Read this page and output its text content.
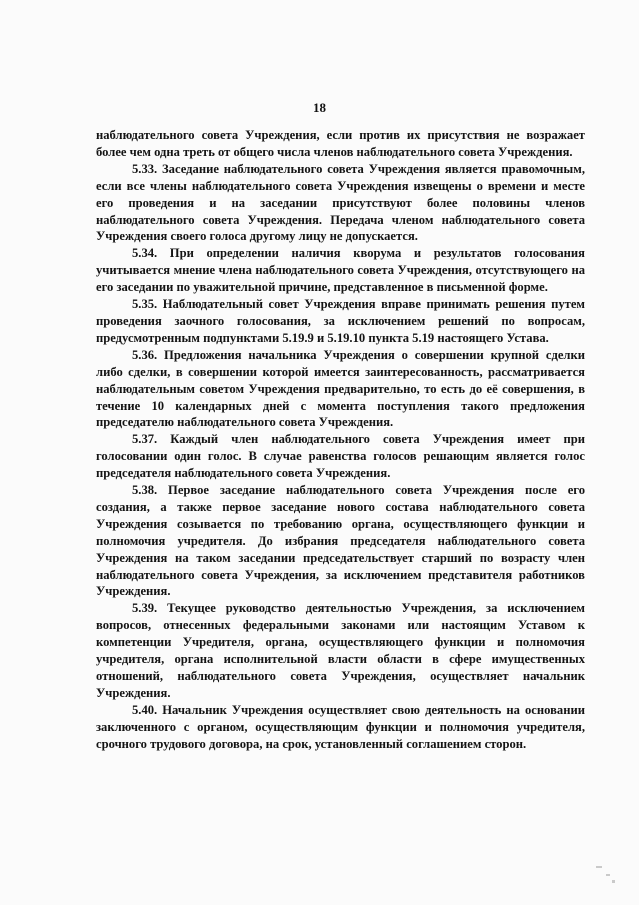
18

наблюдательного совета Учреждения, если против их присутствия не возражает более чем одна треть от общего числа членов наблюдательного совета Учреждения.

5.33. Заседание наблюдательного совета Учреждения является правомочным, если все члены наблюдательного совета Учреждения извещены о времени и месте его проведения и на заседании присутствуют более половины членов наблюдательного совета Учреждения. Передача членом наблюдательного совета Учреждения своего голоса другому лицу не допускается.

5.34. При определении наличия кворума и результатов голосования учитывается мнение члена наблюдательного совета Учреждения, отсутствующего на его заседании по уважительной причине, представленное в письменной форме.

5.35. Наблюдательный совет Учреждения вправе принимать решения путем проведения заочного голосования, за исключением решений по вопросам, предусмотренным подпунктами 5.19.9 и 5.19.10 пункта 5.19 настоящего Устава.

5.36. Предложения начальника Учреждения о совершении крупной сделки либо сделки, в совершении которой имеется заинтересованность, рассматривается наблюдательным советом Учреждения предварительно, то есть до её совершения, в течение 10 календарных дней с момента поступления такого предложения председателю наблюдательного совета Учреждения.

5.37. Каждый член наблюдательного совета Учреждения имеет при голосовании один голос. В случае равенства голосов решающим является голос председателя наблюдательного совета Учреждения.

5.38. Первое заседание наблюдательного совета Учреждения после его создания, а также первое заседание нового состава наблюдательного совета Учреждения созывается по требованию органа, осуществляющего функции и полномочия учредителя. До избрания председателя наблюдательного совета Учреждения на таком заседании председательствует старший по возрасту член наблюдательного совета Учреждения, за исключением представителя работников Учреждения.

5.39. Текущее руководство деятельностью Учреждения, за исключением вопросов, отнесенных федеральными законами или настоящим Уставом к компетенции Учредителя, органа, осуществляющего функции и полномочия учредителя, органа исполнительной власти области в сфере имущественных отношений, наблюдательного совета Учреждения, осуществляет начальник Учреждения.

5.40. Начальник Учреждения осуществляет свою деятельность на основании заключенного с органом, осуществляющим функции и полномочия учредителя, срочного трудового договора, на срок, установленный соглашением сторон.
